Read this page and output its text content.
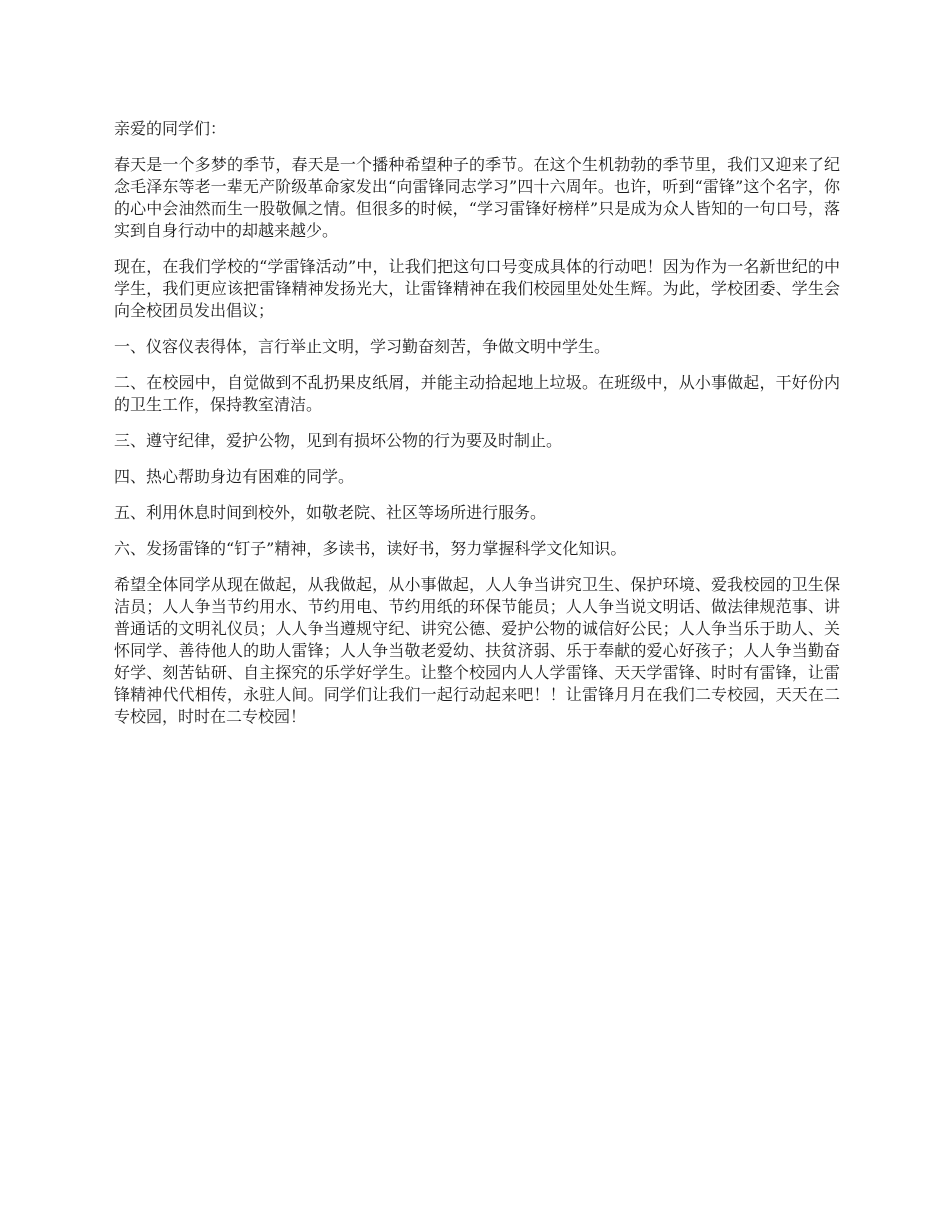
亲爱的同学们：

春天是一个多梦的季节，春天是一个播种希望种子的季节。在这个生机勃勃的季节里，我们又迎来了纪念毛泽东等老一辈无产阶级革命家发出“向雷锋同志学习”四十六周年。也许，听到“雷锋”这个名字，你的心中会油然而生一股敬佩之情。但很多的时候，“学习雷锋好榜样”只是成为众人皆知的一句口号，落实到自身行动中的却越来越少。

现在，在我们学校的“学雷锋活动”中，让我们把这句口号变成具体的行动吧！因为作为一名新世纪的中学生，我们更应该把雷锋精神发扬光大，让雷锋精神在我们校园里处处生辉。为此，学校团委、学生会向全校团员发出倡议；

一、仪容仪表得体，言行举止文明，学习勤奋刻苦，争做文明中学生。

二、在校园中，自觉做到不乱扔果皮纸屑，并能主动拾起地上垃圾。在班级中，从小事做起，干好份内的卫生工作，保持教室清洁。

三、遵守纪律，爱护公物，见到有损坏公物的行为要及时制止。

四、热心帮助身边有困难的同学。

五、利用休息时间到校外，如敬老院、社区等场所进行服务。

六、发扬雷锋的“钉子”精神，多读书，读好书，努力掌握科学文化知识。

希望全体同学从现在做起，从我做起，从小事做起，人人争当讲究卫生、保护环境、爱我校园的卫生保洁员；人人争当节约用水、节约用电、节约用纸的环保节能员；人人争当说文明话、做法律规范事、讲普通话的文明礼仪员；人人争当遵规守纪、讲究公德、爱护公物的诚信好公民；人人争当乐于助人、关怀同学、善待他人的助人雷锋；人人争当敬老爱幼、扶贫济弱、乐于奉献的爱心好孩子；人人争当勤奋好学、刻苦钻研、自主探究的乐学好学生。让整个校园内人人学雷锋、天天学雷锋、时时有雷锋，让雷锋精神代代相传，永驻人间。同学们让我们一起行动起来吧！！让雷锋月月在我们二专校园，天天在二专校园，时时在二专校园！
